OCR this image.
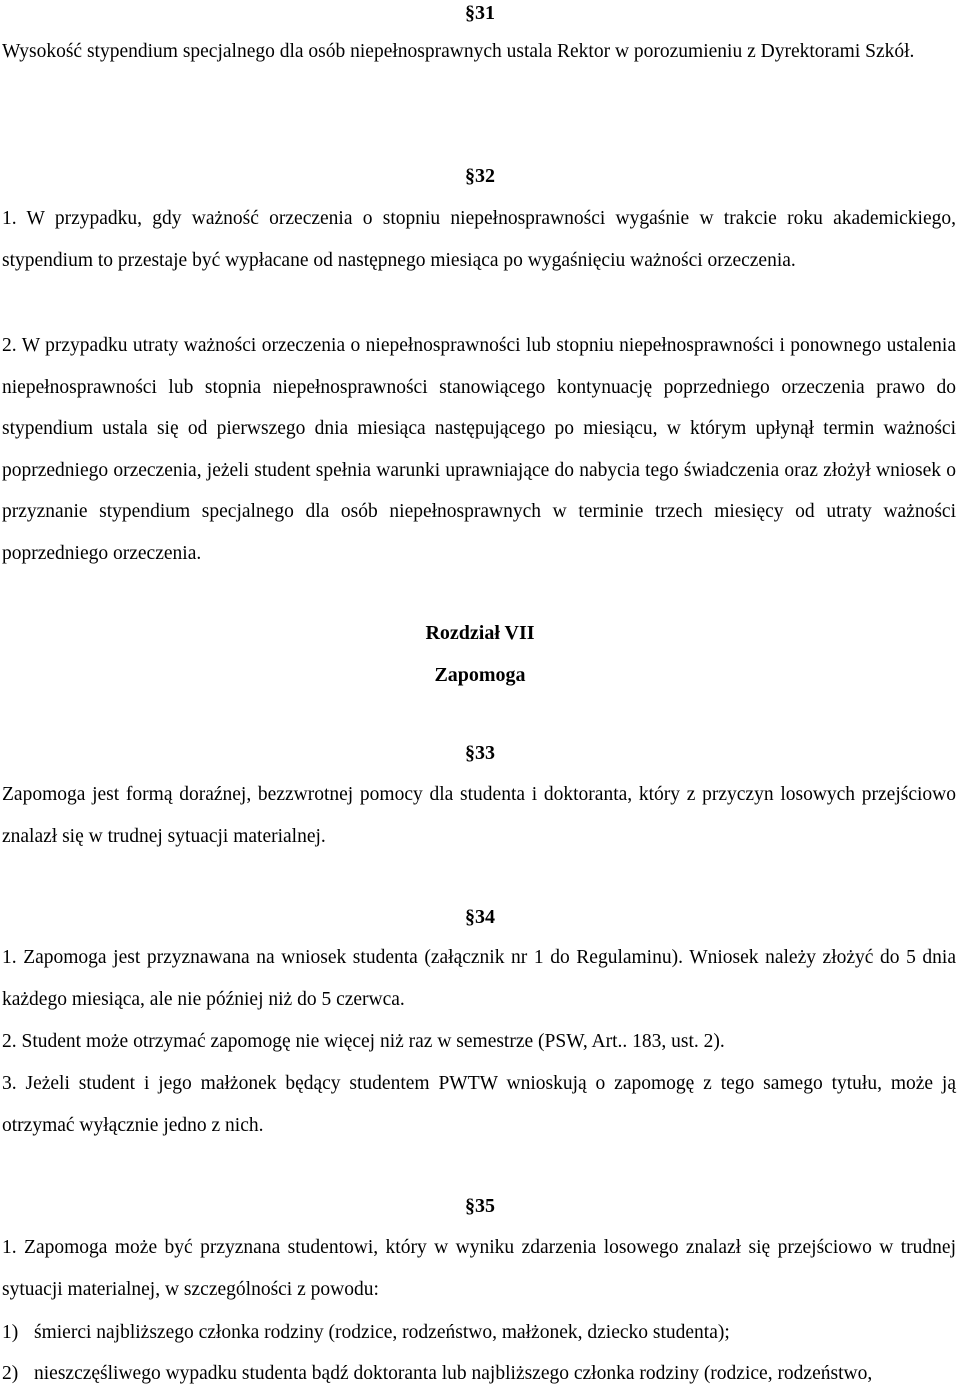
§31

Wysokość stypendium specjalnego dla osób niepełnosprawnych ustala Rektor w porozumieniu z Dyrektorami Szkół.

§32

1. W przypadku, gdy ważność orzeczenia o stopniu niepełnosprawności wygaśnie w trakcie roku akademickiego, stypendium to przestaje być wypłacane od następnego miesiąca po wygaśnięciu ważności orzeczenia.

2. W przypadku utraty ważności orzeczenia o niepełnosprawności lub stopniu niepełnosprawności i ponownego ustalenia niepełnosprawności lub stopnia niepełnosprawności stanowiącego kontynuację poprzedniego orzeczenia prawo do stypendium ustala się od pierwszego dnia miesiąca następującego po miesiącu, w którym upłynął termin ważności poprzedniego orzeczenia, jeżeli student spełnia warunki uprawniające do nabycia tego świadczenia oraz złożył wniosek o przyznanie stypendium specjalnego dla osób niepełnosprawnych w terminie trzech miesięcy od utraty ważności poprzedniego orzeczenia.

Rozdział VII

Zapomoga

§33

Zapomoga jest formą doraźnej, bezzwrotnej pomocy dla studenta i doktoranta, który z przyczyn losowych przejściowo znalazł się w trudnej sytuacji materialnej.

§34

1. Zapomoga jest przyznawana na wniosek studenta (załącznik nr 1 do Regulaminu). Wniosek należy złożyć do 5 dnia każdego miesiąca, ale nie później niż do 5 czerwca.

2. Student może otrzymać zapomogę nie więcej niż raz w semestrze (PSW, Art.. 183, ust. 2).

3. Jeżeli student i jego małżonek będący studentem PWTW wnioskują o zapomogę z tego samego tytułu, może ją otrzymać wyłącznie jedno z nich.

§35

1. Zapomoga może być przyznana studentowi, który w wyniku zdarzenia losowego znalazł się przejściowo w trudnej sytuacji materialnej, w szczególności z powodu:

1) śmierci najbliższego członka rodziny (rodzice, rodzeństwo, małżonek, dziecko studenta);

2) nieszczęśliwego wypadku studenta bądź doktoranta lub najbliższego członka rodziny (rodzice, rodzeństwo,
